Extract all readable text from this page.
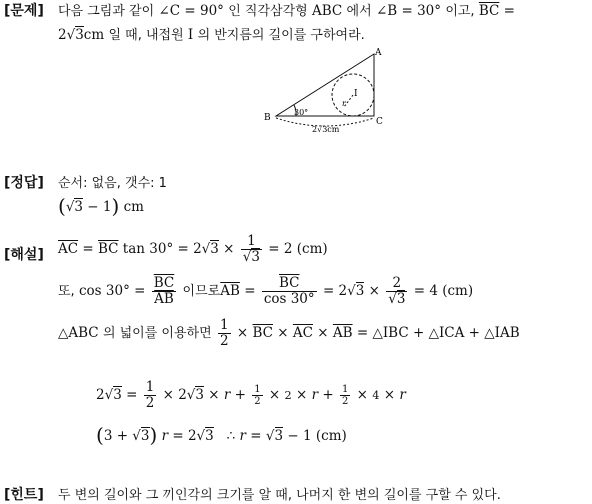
[문제] 다음 그림과 같이 ∠C = 90° 인 직각삼각형 ABC 에서 ∠B = 30° 이고, $\overline{BC}$ =
2√3cm 일 때, 내접원 I 의 반지름의 길이를 구하여라.
A
B	C
I
r
30°
2√3cm
[정답] 순서: 없음, 갯수: 1
(√3 − 1) cm
[해설] $\overline{AC} = \overline{BC}$ $\tan 30^\circ = 2√3 \times \frac{1}{√3} = 2$ (cm)
또, $\cos 30^\circ = \frac{\overline{BC}}{AB}$ 이므로$\overline{AB} = \frac{\overline{BC}}{\cos 30^\circ} = 2√3 \times \frac{2}{√3} = 4$ (cm)
△ABC 의 넓이를 이용하면 $\frac{1}{2} \times \overline{BC} \times \overline{AC} \times \overline{AB}$ = △IBC + △ICA + △IAB
$2√3 = \frac{1}{2} \times 2√3 \times r + \frac{1}{2} \times 2 \times r + \frac{1}{2} \times 4 \times r$
(3 + √3) r = 2√3   ∴ r = √3 − 1 (cm)
[힌트] 두 변의 길이와 그 끼인각의 크기를 알 때, 나머지 한 변의 길이를 구할 수 있다.
